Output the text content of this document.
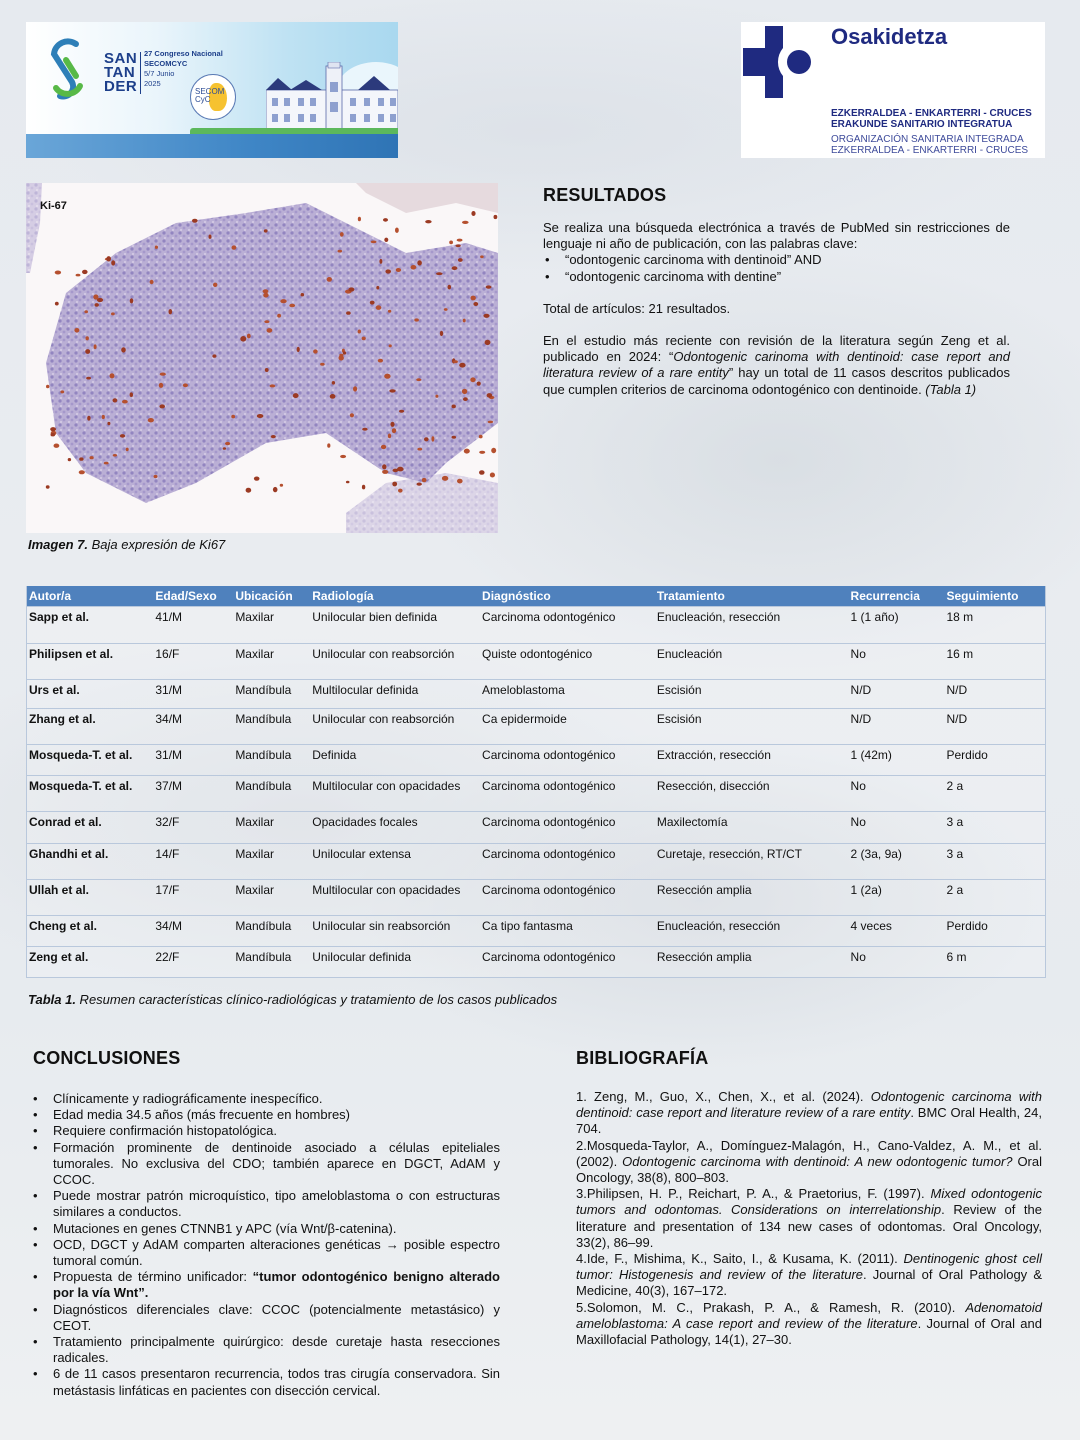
SAN
TAN
DER
27 Congreso Nacional
SECOMCYC
5/7 Junio
2025
SECOM
CyC
Osakidetza
EZKERRALDEA - ENKARTERRI - CRUCES
ERAKUNDE SANITARIO INTEGRATUA
ORGANIZACIÓN SANITARIA INTEGRADA
EZKERRALDEA - ENKARTERRI - CRUCES
Ki-67
Imagen 7. Baja expresión de Ki67
RESULTADOS
Se realiza una búsqueda electrónica a través de PubMed sin restricciones de lenguaje ni año de publicación, con las palabras clave:
• “odontogenic carcinoma with dentinoid” AND
• “odontogenic carcinoma with dentine”
Total de artículos: 21 resultados.
En el estudio más reciente con revisión de la literatura según Zeng et al. publicado en 2024: “Odontogenic carinoma with dentinoid: case report and literatura review of a rare entity” hay un total de 11 casos descritos publicados que cumplen criterios de carcinoma odontogénico con dentinoide. (Tabla 1)
Autor/a	Edad/Sexo	Ubicación	Radiología	Diagnóstico	Tratamiento	Recurrencia	Seguimiento
Sapp et al.	41/M	Maxilar	Unilocular bien definida	Carcinoma odontogénico	Enucleación, resección	1 (1 año)	18 m
Philipsen et al.	16/F	Maxilar	Unilocular con reabsorción	Quiste odontogénico	Enucleación	No	16 m
Urs et al.	31/M	Mandíbula	Multilocular definida	Ameloblastoma	Escisión	N/D	N/D
Zhang et al.	34/M	Mandíbula	Unilocular con reabsorción	Ca epidermoide	Escisión	N/D	N/D
Mosqueda-T. et al.	31/M	Mandíbula	Definida	Carcinoma odontogénico	Extracción, resección	1 (42m)	Perdido
Mosqueda-T. et al.	37/M	Mandíbula	Multilocular con opacidades	Carcinoma odontogénico	Resección, disección	No	2 a
Conrad et al.	32/F	Maxilar	Opacidades focales	Carcinoma odontogénico	Maxilectomía	No	3 a
Ghandhi et al.	14/F	Maxilar	Unilocular extensa	Carcinoma odontogénico	Curetaje, resección, RT/CT	2 (3a, 9a)	3 a
Ullah et al.	17/F	Maxilar	Multilocular con opacidades	Carcinoma odontogénico	Resección amplia	1 (2a)	2 a
Cheng et al.	34/M	Mandíbula	Unilocular sin reabsorción	Ca tipo fantasma	Enucleación, resección	4 veces	Perdido
Zeng et al.	22/F	Mandíbula	Unilocular definida	Carcinoma odontogénico	Resección amplia	No	6 m
Tabla 1. Resumen características clínico-radiológicas y tratamiento de los casos publicados
CONCLUSIONES
• Clínicamente y radiográficamente inespecífico.
• Edad media 34.5 años (más frecuente en hombres)
• Requiere confirmación histopatológica.
• Formación prominente de dentinoide asociado a células epiteliales tumorales. No exclusiva del CDO; también aparece en DGCT, AdAM y CCOC.
• Puede mostrar patrón microquístico, tipo ameloblastoma o con estructuras similares a conductos.
• Mutaciones en genes CTNNB1 y APC (vía Wnt/β-catenina).
• OCD, DGCT y AdAM comparten alteraciones genéticas → posible espectro tumoral común.
• Propuesta de término unificador: “tumor odontogénico benigno alterado por la vía Wnt”.
• Diagnósticos diferenciales clave: CCOC (potencialmente metastásico) y CEOT.
• Tratamiento principalmente quirúrgico: desde curetaje hasta resecciones radicales.
• 6 de 11 casos presentaron recurrencia, todos tras cirugía conservadora. Sin metástasis linfáticas en pacientes con disección cervical.
BIBLIOGRAFÍA
1. Zeng, M., Guo, X., Chen, X., et al. (2024). Odontogenic carcinoma with dentinoid: case report and literature review of a rare entity. BMC Oral Health, 24, 704.
2.Mosqueda-Taylor, A., Domínguez-Malagón, H., Cano-Valdez, A. M., et al. (2002). Odontogenic carcinoma with dentinoid: A new odontogenic tumor? Oral Oncology, 38(8), 800–803.
3.Philipsen, H. P., Reichart, P. A., & Praetorius, F. (1997). Mixed odontogenic tumors and odontomas. Considerations on interrelationship. Review of the literature and presentation of 134 new cases of odontomas. Oral Oncology, 33(2), 86–99.
4.Ide, F., Mishima, K., Saito, I., & Kusama, K. (2011). Dentinogenic ghost cell tumor: Histogenesis and review of the literature. Journal of Oral Pathology & Medicine, 40(3), 167–172.
5.Solomon, M. C., Prakash, P. A., & Ramesh, R. (2010). Adenomatoid ameloblastoma: A case report and review of the literature. Journal of Oral and Maxillofacial Pathology, 14(1), 27–30.
